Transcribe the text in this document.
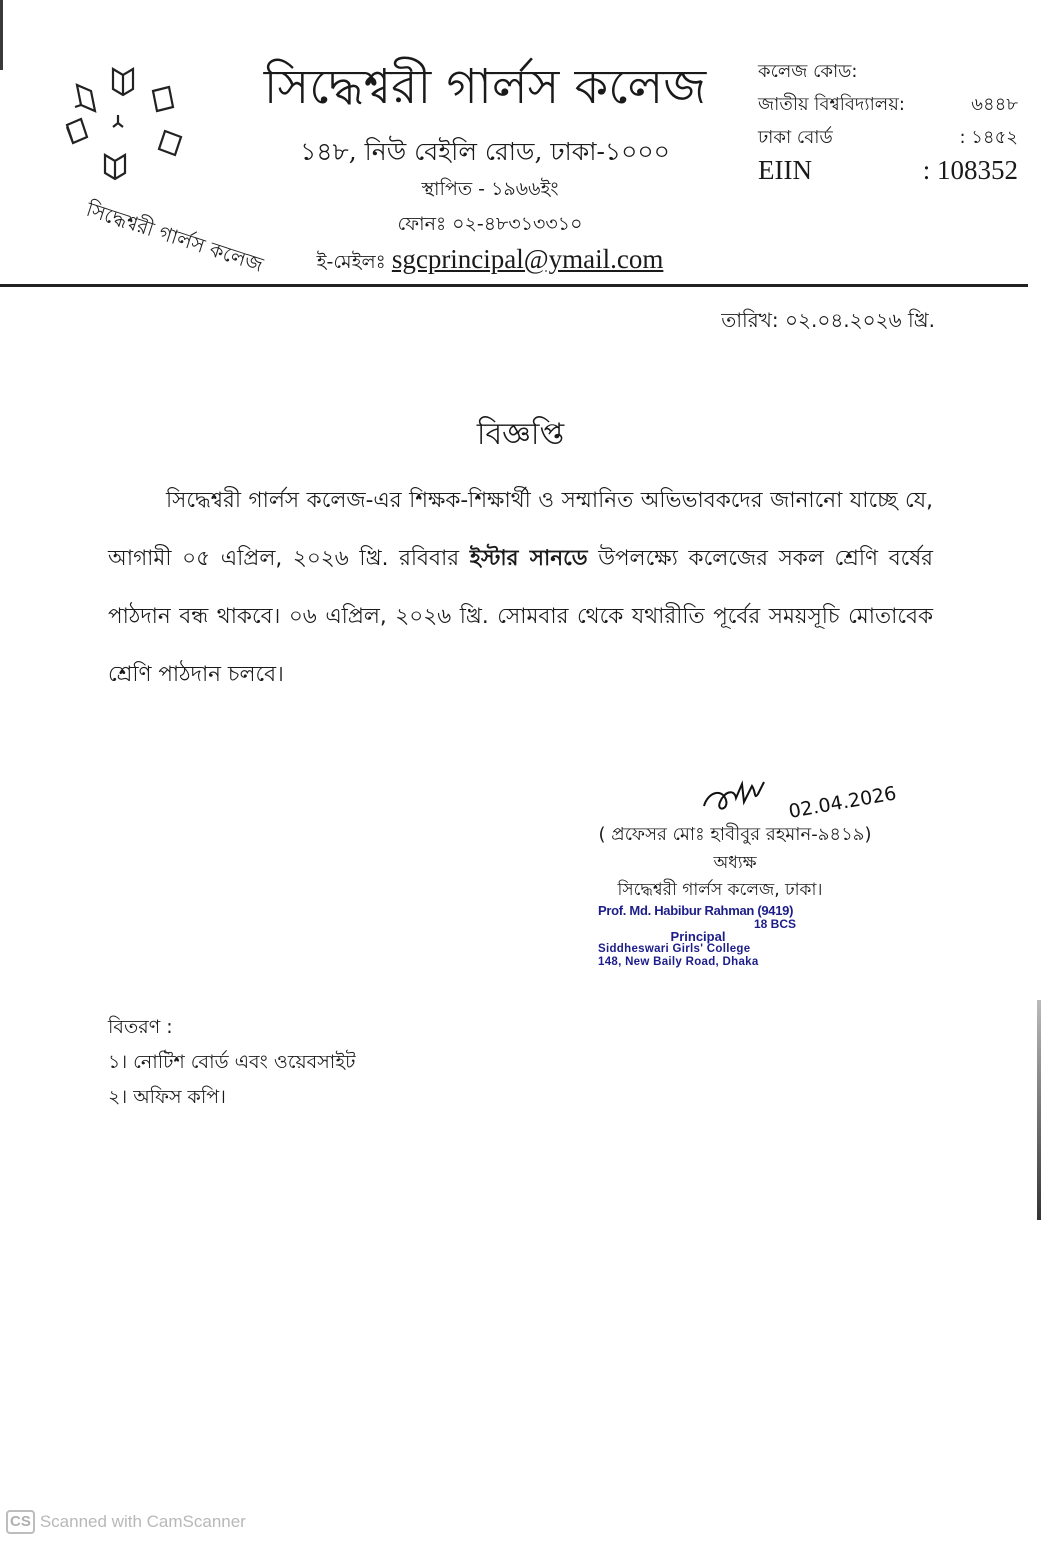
সিদ্ধেশ্বরী গার্লস কলেজ
সিদ্ধেশ্বরী গার্লস কলেজ
১৪৮, নিউ বেইলি রোড, ঢাকা-১০০০
স্থাপিত - ১৯৬৬ইং
ফোনঃ ০২-৪৮৩১৩৩১০
ই-মেইলঃ sgcprincipal@ymail.com
কলেজ কোড:
জাতীয় বিশ্ববিদ্যালয়:	৬৪৪৮
ঢাকা বোর্ড	: ১৪৫২
EIIN	: 108352
তারিখ: ০২.০৪.২০২৬ খ্রি.
বিজ্ঞপ্তি

সিদ্ধেশ্বরী গার্লস কলেজ-এর শিক্ষক-শিক্ষার্থী ও সম্মানিত অভিভাবকদের জানানো যাচ্ছে যে, আগামী ০৫ এপ্রিল, ২০২৬ খ্রি. রবিবার ইস্টার সানডে উপলক্ষ্যে কলেজের সকল শ্রেণি বর্ষের পাঠদান বন্ধ থাকবে। ০৬ এপ্রিল, ২০২৬ খ্রি. সোমবার থেকে যথারীতি পূর্বের সময়সূচি মোতাবেক শ্রেণি পাঠদান চলবে।

02.04.2026
( প্রফেসর মোঃ হাবীবুর রহমান-৯৪১৯)
অধ্যক্ষ
সিদ্ধেশ্বরী গার্লস কলেজ, ঢাকা।
Prof. Md. Habibur Rahman (9419)
18 BCS
Principal
Siddheswari Girls' College
148, New Baily Road, Dhaka
বিতরণ :
১। নোটিশ বোর্ড এবং ওয়েবসাইট
২। অফিস কপি।
CS Scanned with CamScanner
